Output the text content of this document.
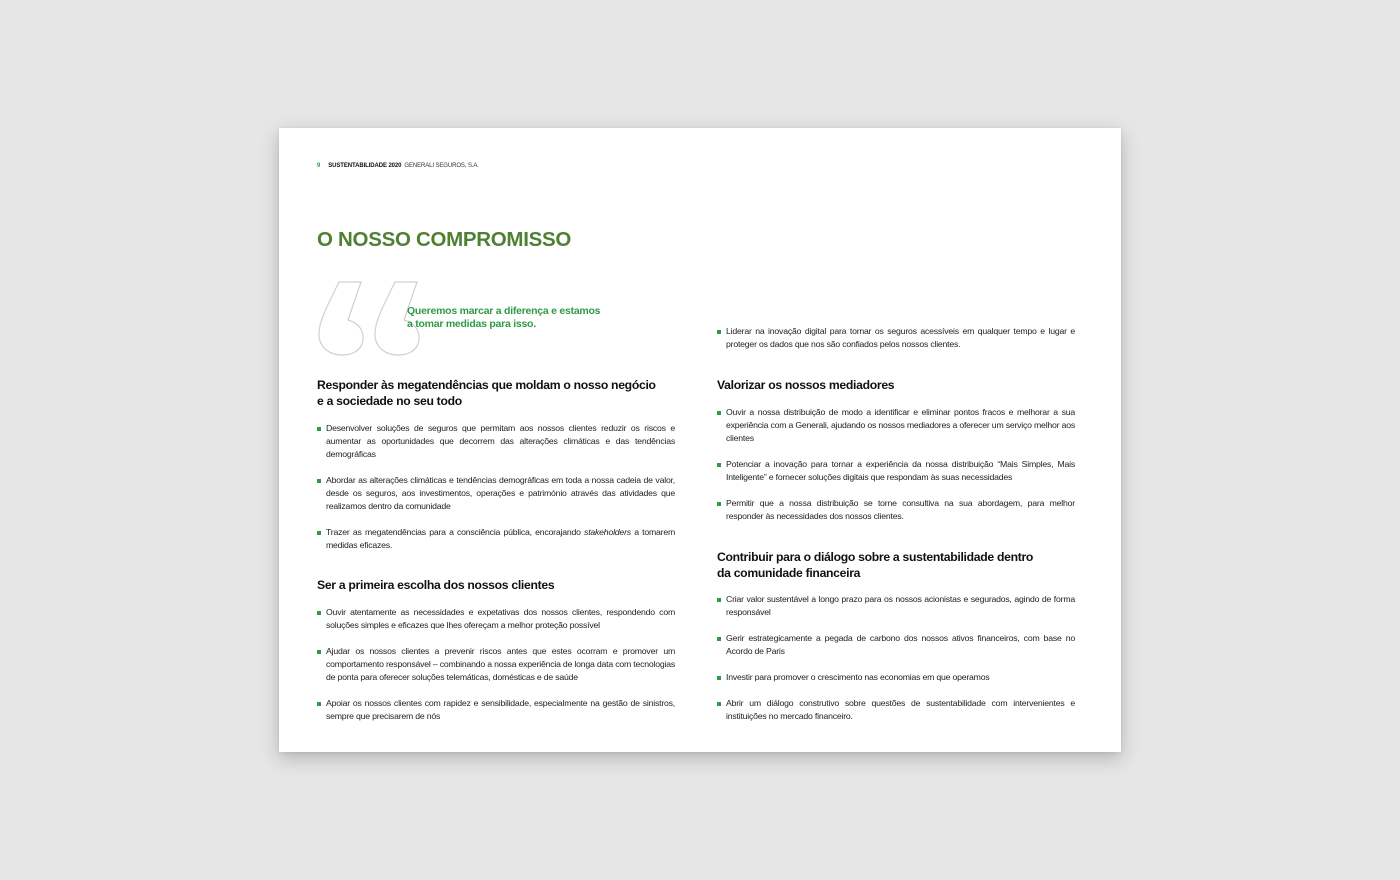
9 SUSTENTABILIDADE 2020 GENERALI SEGUROS, S.A.
O NOSSO COMPROMISSO
Queremos marcar a diferença e estamos
a tomar medidas para isso.
Responder às megatendências que moldam o nosso negócio
e a sociedade no seu todo
Desenvolver soluções de seguros que permitam aos nossos clientes reduzir os riscos e aumentar as oportunidades que decorrem das alterações climáticas e das tendências demográficas
Abordar as alterações climáticas e tendências demográficas em toda a nossa cadeia de valor, desde os seguros, aos investimentos, operações e património através das atividades que realizamos dentro da comunidade
Trazer as megatendências para a consciência pública, encorajando stakeholders a tomarem medidas eficazes.
Ser a primeira escolha dos nossos clientes
Ouvir atentamente as necessidades e expetativas dos nossos clientes, respondendo com soluções simples e eficazes que lhes ofereçam a melhor proteção possível
Ajudar os nossos clientes a prevenir riscos antes que estes ocorram e promover um comportamento responsável – combinando a nossa experiência de longa data com tecnologias de ponta para oferecer soluções telemáticas, domésticas e de saúde
Apoiar os nossos clientes com rapidez e sensibilidade, especialmente na gestão de sinistros, sempre que precisarem de nós
Liderar na inovação digital para tornar os seguros acessíveis em qualquer tempo e lugar e proteger os dados que nos são confiados pelos nossos clientes.
Valorizar os nossos mediadores
Ouvir a nossa distribuição de modo a identificar e eliminar pontos fracos e melhorar a sua experiência com a Generali, ajudando os nossos mediadores a oferecer um serviço melhor aos clientes
Potenciar a inovação para tornar a experiência da nossa distribuição “Mais Simples, Mais Inteligente” e fornecer soluções digitais que respondam às suas necessidades
Permitir que a nossa distribuição se torne consultiva na sua abordagem, para melhor responder às necessidades dos nossos clientes.
Contribuir para o diálogo sobre a sustentabilidade dentro
da comunidade financeira
Criar valor sustentável a longo prazo para os nossos acionistas e segurados, agindo de forma responsável
Gerir estrategicamente a pegada de carbono dos nossos ativos financeiros, com base no Acordo de Paris
Investir para promover o crescimento nas economias em que operamos
Abrir um diálogo construtivo sobre questões de sustentabilidade com intervenientes e instituições no mercado financeiro.
